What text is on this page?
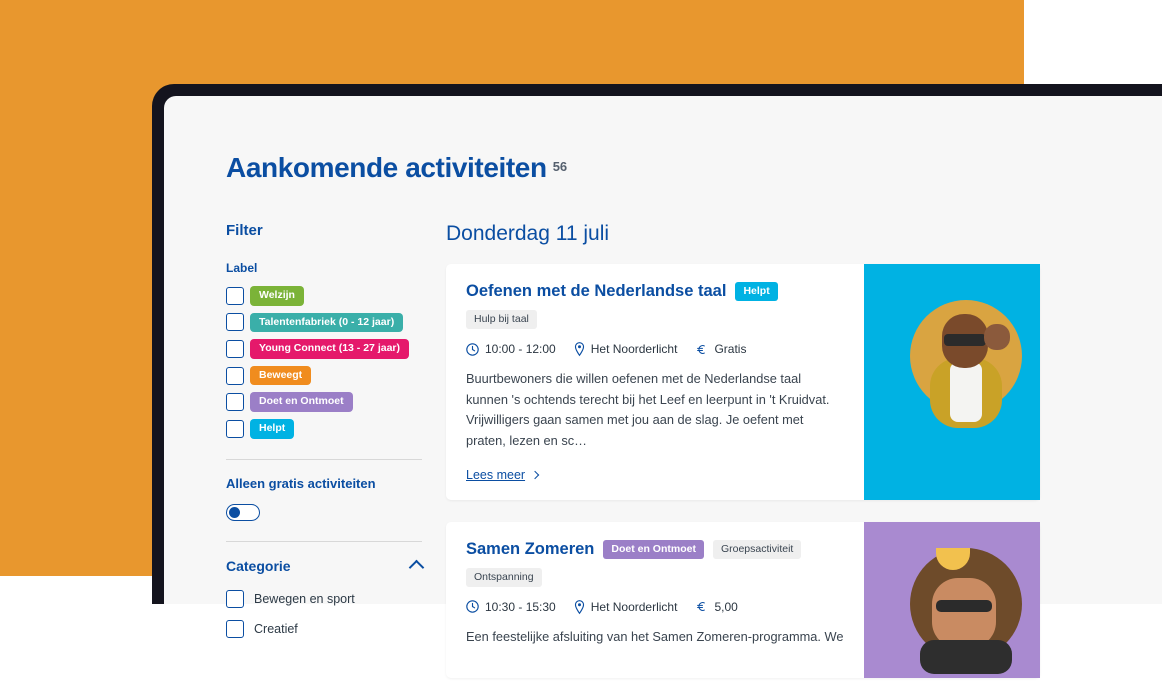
Aankomende activiteiten $^{56}$
Filter
Label
Welzijn
Talentenfabriek (0 - 12 jaar)
Young Connect (13 - 27 jaar)
Beweegt
Doet en Ontmoet
Helpt
Alleen gratis activiteiten
Categorie
Bewegen en sport
Creatief
Donderdag 11 juli
Oefenen met de Nederlandse taal	Helpt
Hulp bij taal
10:00 - 12:00	Het Noorderlicht	Gratis

Buurtbewoners die willen oefenen met de Nederlandse taal kunnen 's ochtends terecht bij het Leef en leerpunt in 't Kruidvat. Vrijwilligers gaan samen met jou aan de slag. Je oefent met praten, lezen en sc…

Lees meer
Samen Zomeren	Doet en Ontmoet	Groepsactiviteit
Ontspanning
10:30 - 15:30	Het Noorderlicht	5,00

Een feestelijke afsluiting van het Samen Zomeren-programma. We
